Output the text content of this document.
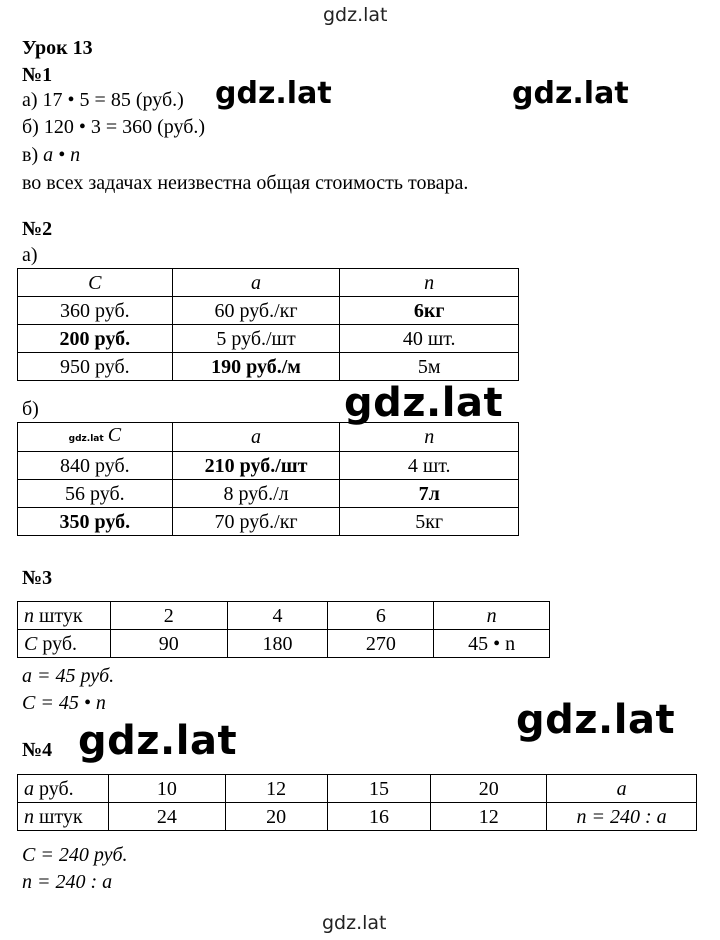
gdz.lat
gdz.lat	gdz.lat
gdz.lat
gdz.lat
gdz.lat
gdz.lat
Урок 13
№1
а) 17 • 5 = 85 (руб.)
б) 120 • 3 = 360 (руб.)
в) a • n
во всех задачах неизвестна общая стоимость товара.
№2
а)
C	a	n
360 руб.	60 руб./кг	6кг
200 руб.	5 руб./шт	40 шт.
950 руб.	190 руб./м	5м
б)
gdz.lat C	a	n
840 руб.	210 руб./шт	4 шт.
56 руб.	8 руб./л	7л
350 руб.	70 руб./кг	5кг
№3
n штук	2	4	6	n
C руб.	90	180	270	45 • n
a = 45 руб.
C = 45 • n
№4
a руб.	10	12	15	20	a
n штук	24	20	16	12	n = 240 : a
C = 240 руб.
n = 240 : a
